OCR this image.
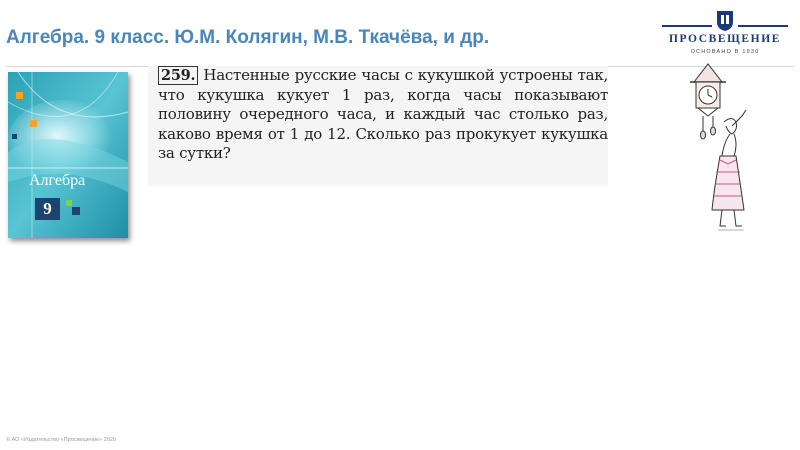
Алгебра. 9 класс. Ю.М. Колягин, М.В. Ткачёва, и др.	ПРОСВЕЩЕНИЕ
ОСНОВАНО В 1930
Алгебра
9
259. Настенные русские часы с кукушкой устроены так, что кукушка кукует 1 раз, когда часы показывают половину очередного часа, и каждый час столько раз, каково время от 1 до 12. Сколько раз прокукует кукушка за сутки?
© АО «Издательство «Просвещение» 2020
